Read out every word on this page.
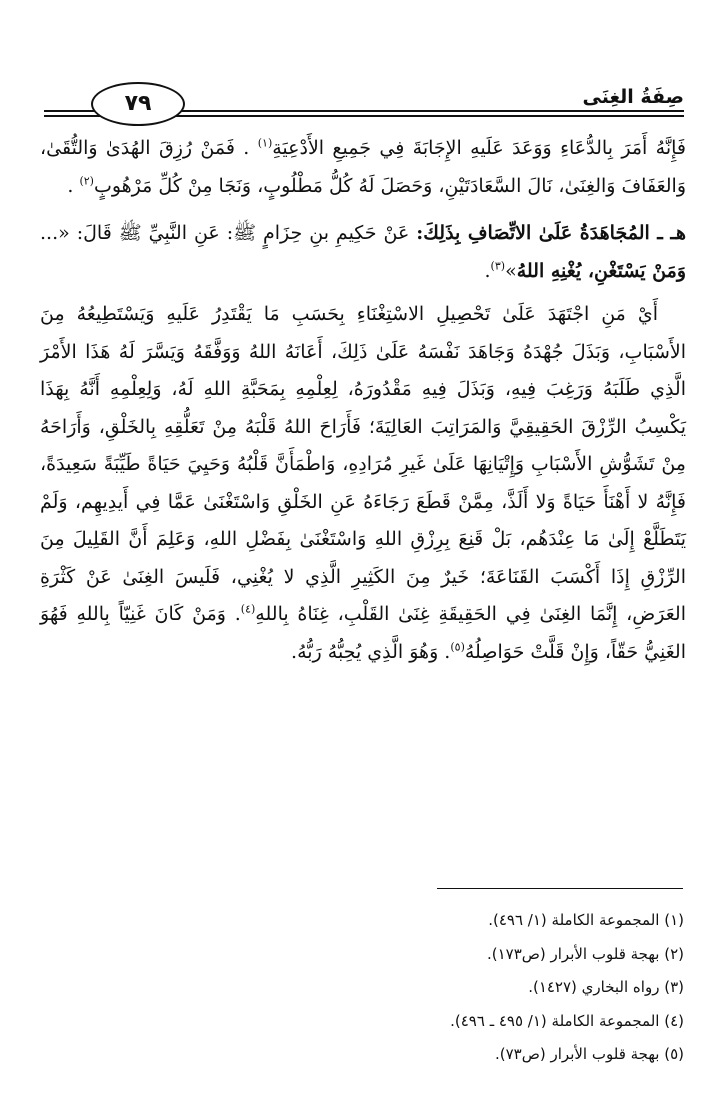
صِفَةُ الغِنَى
٧٩

فَإِنَّهُ أَمَرَ بِالدُّعَاءِ وَوَعَدَ عَلَيهِ الإِجَابَةَ فِي جَمِيعِ الأَدْعِيَةِ$^{(١)}$ . فَمَنْ رُزِقَ الهُدَىٰ وَالتُّقَىٰ، وَالعَفَافَ وَالغِنَىٰ، نَالَ السَّعَادَتَيْنِ، وَحَصَلَ لَهُ كُلُّ مَطْلُوبٍ، وَنَجَا مِنْ كُلِّ مَرْهُوبٍ$^{(٢)}$ .

هـ ـ المُجَاهَدَةُ عَلَىٰ الاتِّصَافِ بِذَلِكَ: عَنْ حَكِيمِ بنِ حِزَامٍ ﷺ: عَنِ النَّبِيِّ ﷺ قَالَ: «... وَمَنْ يَسْتَغْنِ، يُغْنِهِ اللهُ»$^{(٣)}$.

أَيْ مَنِ اجْتَهَدَ عَلَىٰ تَحْصِيلِ الاسْتِغْنَاءِ بِحَسَبِ مَا يَقْتَدِرُ عَلَيهِ وَيَسْتَطِيعُهُ مِنَ الأَسْبَابِ، وَبَذَلَ جُهْدَهُ وَجَاهَدَ نَفْسَهُ عَلَىٰ ذَلِكَ، أَعَانَهُ اللهُ وَوَفَّقَهُ وَيَسَّرَ لَهُ هَذَا الأَمْرَ الَّذِي طَلَبَهُ وَرَغِبَ فِيهِ، وَبَذَلَ فِيهِ مَقْدُورَهُ، لِعِلْمِهِ بِمَحَبَّةِ اللهِ لَهُ، وَلِعِلْمِهِ أَنَّهُ بِهَذَا يَكْسِبُ الرِّزْقَ الحَقِيقِيَّ وَالمَرَاتِبَ العَالِيَةَ؛ فَأَرَاحَ اللهُ قَلْبَهُ مِنْ تَعَلُّقِهِ بِالخَلْقِ، وَأَرَاحَهُ مِنْ تَشَوُّشِ الأَسْبَابِ وَإِتْيَانِهَا عَلَىٰ غَيرِ مُرَادِهِ، وَاطْمَأَنَّ قَلْبُهُ وَحَيِيَ حَيَاةً طَيِّبَةً سَعِيدَةً، فَإِنَّهُ لا أَهْنَأَ حَيَاةً وَلا أَلَذَّ، مِمَّنْ قَطَعَ رَجَاءَهُ عَنِ الخَلْقِ وَاسْتَغْنَىٰ عَمَّا فِي أَيدِيهِم، وَلَمْ يَتَطَلَّعْ إِلَىٰ مَا عِنْدَهُم، بَلْ قَنِعَ بِرِزْقِ اللهِ وَاسْتَغْنَىٰ بِفَضْلِ اللهِ، وَعَلِمَ أَنَّ القَلِيلَ مِنَ الرِّزْقِ إِذَا أَكْسَبَ القَنَاعَةَ؛ خَيرٌ مِنَ الكَثِيرِ الَّذِي لا يُغْنِي، فَلَيسَ الغِنَىٰ عَنْ كَثْرَةِ العَرَضِ، إِنَّمَا الغِنَىٰ فِي الحَقِيقَةِ غِنَىٰ القَلْبِ، غِنَاهُ بِاللهِ$^{(٤)}$. وَمَنْ كَانَ غَنِيّاً بِاللهِ فَهُوَ الغَنِيُّ حَقّاً، وَإِنْ قَلَّتْ حَوَاصِلُهُ$^{(٥)}$. وَهُوَ الَّذِي يُحِبُّهُ رَبُّهُ.

(١) المجموعة الكاملة (١/ ٤٩٦).
(٢) بهجة قلوب الأبرار (ص١٧٣).
(٣) رواه البخاري (١٤٢٧).
(٤) المجموعة الكاملة (١/ ٤٩٥ ـ ٤٩٦).
(٥) بهجة قلوب الأبرار (ص٧٣).
